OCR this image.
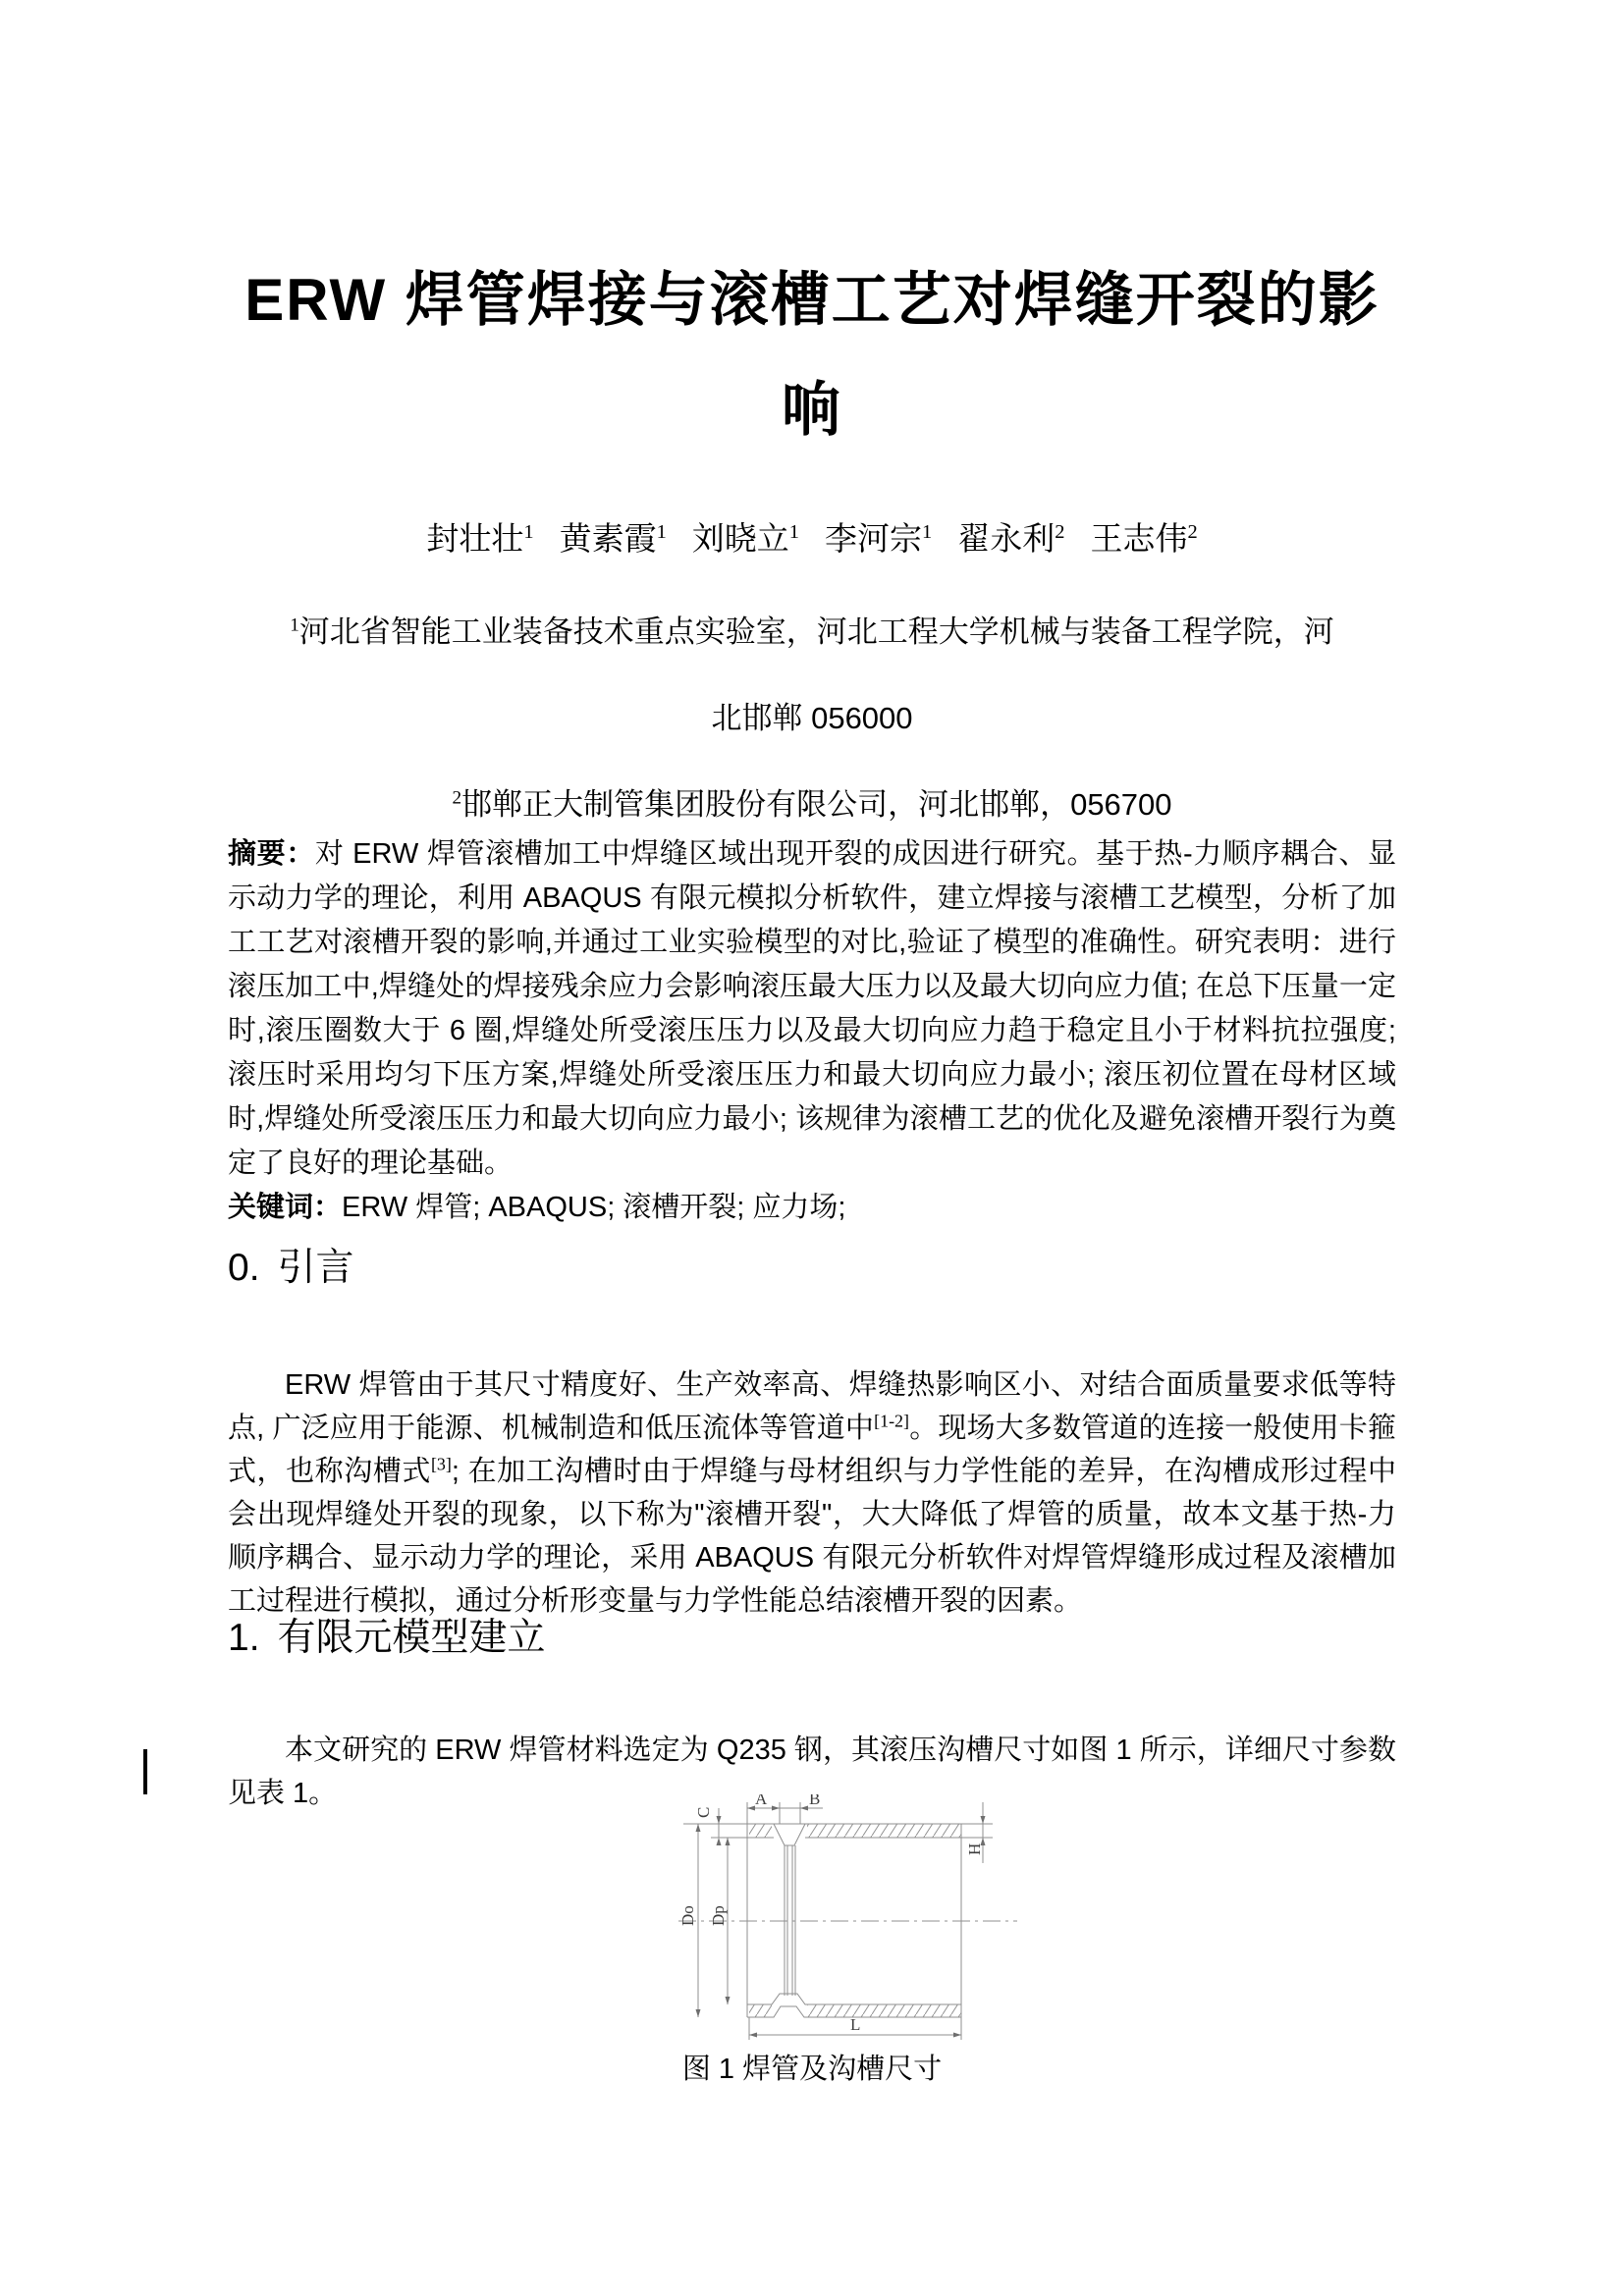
ERW 焊管焊接与滚槽工艺对焊缝开裂的影
响
封壮壮$^1$ 黄素霞$^1$ 刘晓立$^1$ 李河宗$^1$ 翟永利$^2$ 王志伟$^2$
$^1$河北省智能工业装备技术重点实验室，河北工程大学机械与装备工程学院，河
北邯郸 056000
$^2$邯郸正大制管集团股份有限公司，河北邯郸，056700

摘要：对 ERW 焊管滚槽加工中焊缝区域出现开裂的成因进行研究。基于热-力顺序耦合、显示动力学的理论，利用 ABAQUS 有限元模拟分析软件，建立焊接与滚槽工艺模型，分析了加工工艺对滚槽开裂的影响,并通过工业实验模型的对比,验证了模型的准确性。研究表明：进行滚压加工中,焊缝处的焊接残余应力会影响滚压最大压力以及最大切向应力值; 在总下压量一定时,滚压圈数大于 6 圈,焊缝处所受滚压压力以及最大切向应力趋于稳定且小于材料抗拉强度; 滚压时采用均匀下压方案,焊缝处所受滚压压力和最大切向应力最小; 滚压初位置在母材区域时,焊缝处所受滚压压力和最大切向应力最小; 该规律为滚槽工艺的优化及避免滚槽开裂行为奠定了良好的理论基础。

关键词：ERW 焊管; ABAQUS; 滚槽开裂; 应力场;

0. 引言

ERW 焊管由于其尺寸精度好、生产效率高、焊缝热影响区小、对结合面质量要求低等特点, 广泛应用于能源、机械制造和低压流体等管道中[1-2]。现场大多数管道的连接一般使用卡箍式，也称沟槽式[3]; 在加工沟槽时由于焊缝与母材组织与力学性能的差异，在沟槽成形过程中会出现焊缝处开裂的现象，以下称为"滚槽开裂"，大大降低了焊管的质量，故本文基于热-力顺序耦合、显示动力学的理论，采用 ABAQUS 有限元分析软件对焊管焊缝形成过程及滚槽加工过程进行模拟，通过分析形变量与力学性能总结滚槽开裂的因素。

1. 有限元模型建立

本文研究的 ERW 焊管材料选定为 Q235 钢，其滚压沟槽尺寸如图 1 所示，详细尺寸参数见表 1。	A	B
C
Do Dp
H
L
图 1 焊管及沟槽尺寸
